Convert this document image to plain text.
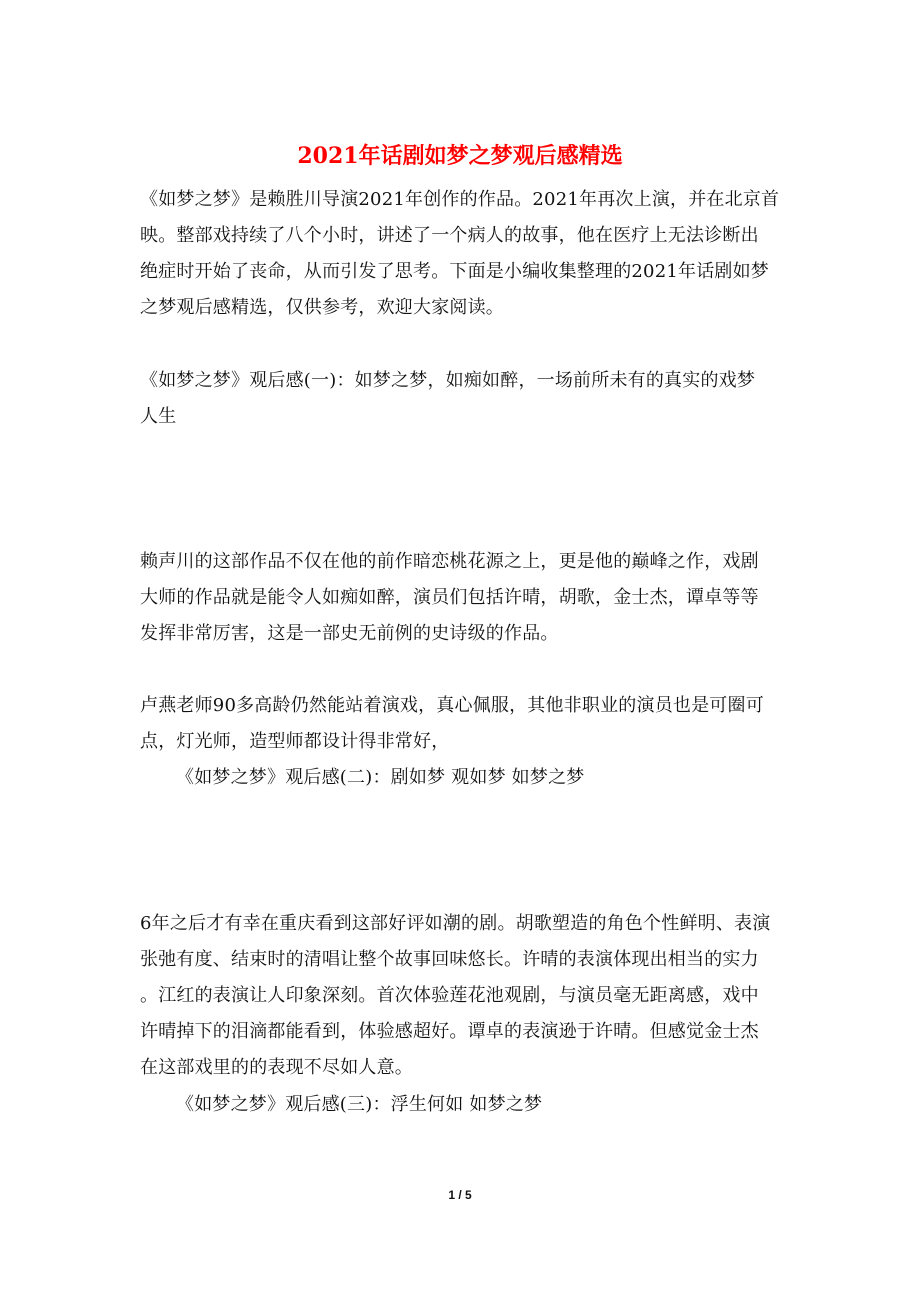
2021年话剧如梦之梦观后感精选
《如梦之梦》是赖胜川导演2021年创作的作品。2021年再次上演，并在北京首
映。整部戏持续了八个小时，讲述了一个病人的故事，他在医疗上无法诊断出
绝症时开始了丧命，从而引发了思考。下面是小编收集整理的2021年话剧如梦
之梦观后感精选，仅供参考，欢迎大家阅读。
《如梦之梦》观后感(一)：如梦之梦，如痴如醉，一场前所未有的真实的戏梦
人生
赖声川的这部作品不仅在他的前作暗恋桃花源之上，更是他的巅峰之作，戏剧
大师的作品就是能令人如痴如醉，演员们包括许晴，胡歌，金士杰，谭卓等等
发挥非常厉害，这是一部史无前例的史诗级的作品。
卢燕老师90多高龄仍然能站着演戏，真心佩服，其他非职业的演员也是可圈可
点，灯光师，造型师都设计得非常好，
《如梦之梦》观后感(二)：剧如梦 观如梦 如梦之梦
6年之后才有幸在重庆看到这部好评如潮的剧。胡歌塑造的角色个性鲜明、表演
张弛有度、结束时的清唱让整个故事回味悠长。许晴的表演体现出相当的实力
。江红的表演让人印象深刻。首次体验莲花池观剧，与演员毫无距离感，戏中
许晴掉下的泪滴都能看到，体验感超好。谭卓的表演逊于许晴。但感觉金士杰
在这部戏里的的表现不尽如人意。
《如梦之梦》观后感(三)：浮生何如 如梦之梦
1 / 5
